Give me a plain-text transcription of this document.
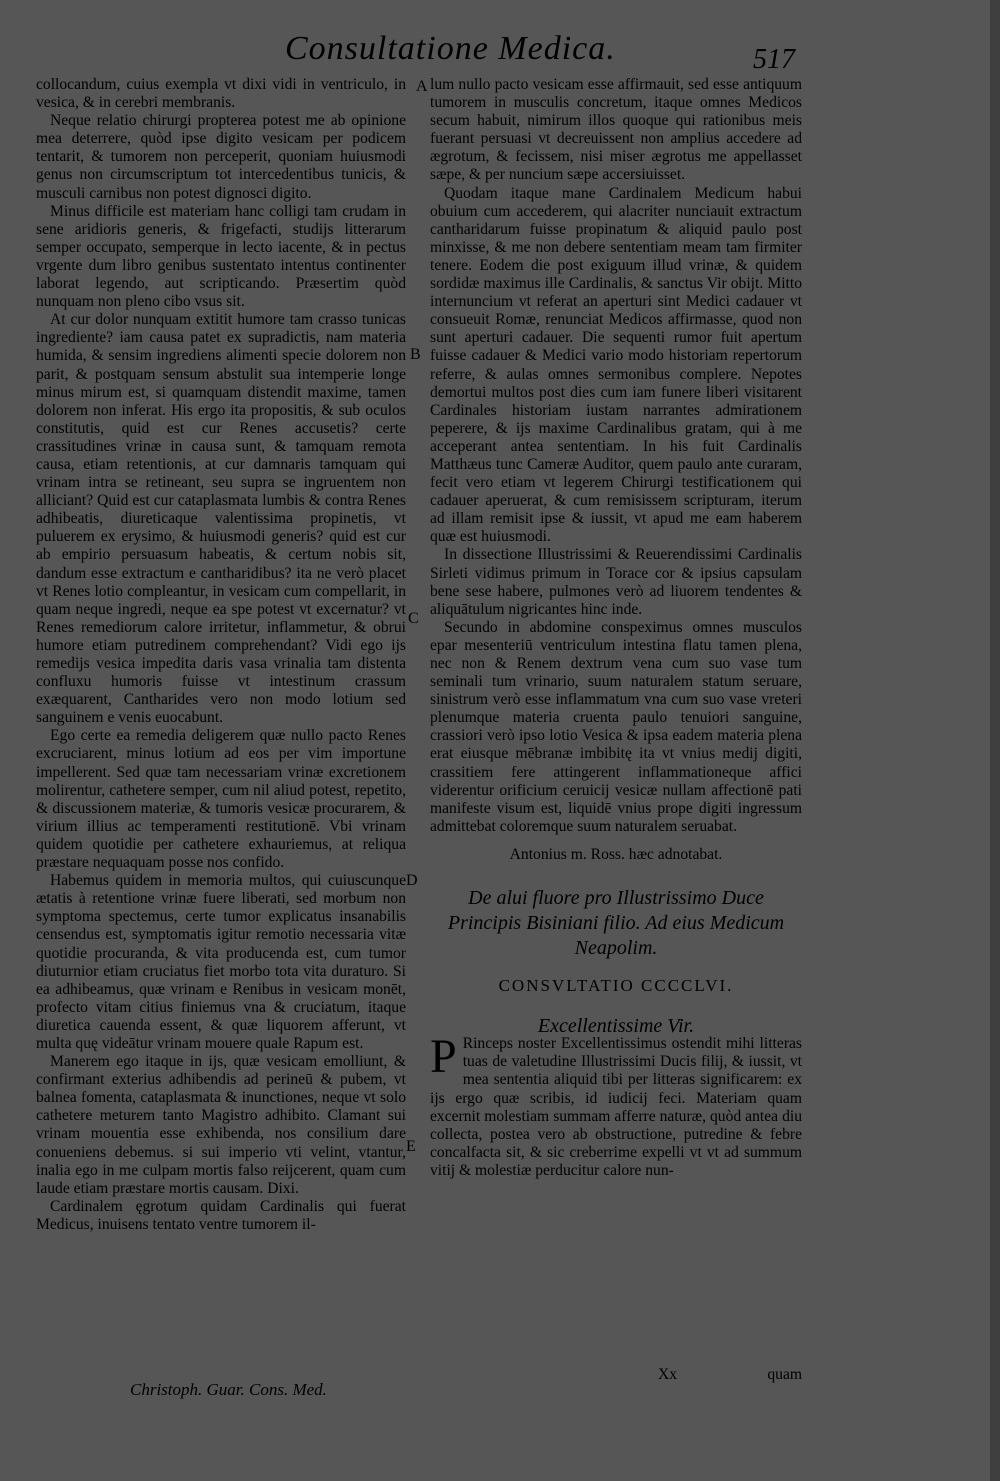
Consultatione Medica.	517

collocandum, cuius exempla vt dixi vidi in ventriculo, in vesica, & in cerebri membranis.

Neque relatio chirurgi propterea potest me ab opinione mea deterrere, quòd ipse digito vesicam per podicem tentarit, & tumorem non perceperit, quoniam huiusmodi genus non circumscriptum tot intercedentibus tunicis, & musculi carnibus non potest dignosci digito.

Minus difficile est materiam hanc colligi tam crudam in sene aridioris generis, & frigefacti, studijs litterarum semper occupato, semperque in lecto iacente, & in pectus vrgente dum libro genibus sustentato intentus continenter laborat legendo, aut scripticando. Præsertim quòd nunquam non pleno cibo vsus sit.

At cur dolor nunquam extitit humore tam crasso tunicas ingrediente? iam causa patet ex supradictis, nam materia humida, & sensim ingrediens alimenti specie dolorem non parit, & postquam sensum abstulit sua intemperie longe minus mirum est, si quamquam distendit maxime, tamen dolorem non inferat. His ergo ita propositis, & sub oculos constitutis, quid est cur Renes accusetis? certe crassitudines vrinæ in causa sunt, & tamquam remota causa, etiam retentionis, at cur damnaris tamquam qui vrinam intra se retineant, seu supra se ingruentem non alliciant? Quid est cur cataplasmata lumbis & contra Renes adhibeatis, diureticaque valentissima propinetis, vt puluerem ex erysimo, & huiusmodi generis? quid est cur ab empirio persuasum habeatis, & certum nobis sit, dandum esse extractum e cantharidibus? ita ne verò placet vt Renes lotio compleantur, in vesicam cum compellarit, in quam neque ingredi, neque ea spe potest vt excernatur? vt Renes remediorum calore irritetur, inflammetur, & obrui humore etiam putredinem comprehendant? Vidi ego ijs remedijs vesica impedita daris vasa vrinalia tam distenta confluxu humoris fuisse vt intestinum crassum exæquarent, Cantharides vero non modo lotium sed sanguinem e venis euocabunt.

Ego certe ea remedia deligerem quæ nullo pacto Renes excruciarent, minus lotium ad eos per vim importune impellerent. Sed quæ tam necessariam vrinæ excretionem molirentur, cathetere semper, cum nil aliud potest, repetito, & discussionem materiæ, & tumoris vesicæ procurarem, & virium illius ac temperamenti restitutionē. Vbi vrinam quidem quotidie per cathetere exhauriemus, at reliqua præstare nequaquam posse nos confido.

Habemus quidem in memoria multos, qui cuiuscunque ætatis à retentione vrinæ fuere liberati, sed morbum non symptoma spectemus, certe tumor explicatus insanabilis censendus est, symptomatis igitur remotio necessaria vitæ quotidie procuranda, & vita producenda est, cum tumor diuturnior etiam cruciatus fiet morbo tota vita duraturo. Si ea adhibeamus, quæ vrinam e Renibus in vesicam monēt, profecto vitam citius finiemus vna & cruciatum, itaque diuretica cauenda essent, & quæ liquorem afferunt, vt multa quę videātur vrinam mouere quale Rapum est.

Manerem ego itaque in ijs, quæ vesicam emolliunt, & confirmant exterius adhibendis ad perineū & pubem, vt balnea fomenta, cataplasmata & inunctiones, neque vt solo cathetere meturem tanto Magistro adhibito. Clamant sui vrinam mouentia esse exhibenda, nos consilium dare conueniens debemus. si sui imperio vti velint, vtantur, inalia ego in me culpam mortis falso reijcerent, quam cum laude etiam præstare mortis causam. Dixi.

Cardinalem ęgrotum quidam Cardinalis qui fuerat Medicus, inuisens tentato ventre tumorem il-

A
B
C
D
E

lum nullo pacto vesicam esse affirmauit, sed esse antiquum tumorem in musculis concretum, itaque omnes Medicos secum habuit, nimirum illos quoque qui rationibus meis fuerant persuasi vt decreuissent non amplius accedere ad ægrotum, & fecissem, nisi miser ægrotus me appellasset sæpe, & per nuncium sæpe accersiuisset.

Quodam itaque mane Cardinalem Medicum habui obuium cum accederem, qui alacriter nunciauit extractum cantharidarum fuisse propinatum & aliquid paulo post minxisse, & me non debere sententiam meam tam firmiter tenere. Eodem die post exiguum illud vrinæ, & quidem sordidæ maximus ille Cardinalis, & sanctus Vir obijt. Mitto internuncium vt referat an aperturi sint Medici cadauer vt consueuit Romæ, renunciat Medicos affirmasse, quod non sunt aperturi cadauer. Die sequenti rumor fuit apertum fuisse cadauer & Medici vario modo historiam repertorum referre, & aulas omnes sermonibus complere. Nepotes demortui multos post dies cum iam funere liberi visitarent Cardinales historiam iustam narrantes admirationem peperere, & ijs maxime Cardinalibus gratam, qui à me acceperant antea sententiam. In his fuit Cardinalis Matthæus tunc Cameræ Auditor, quem paulo ante curaram, fecit vero etiam vt legerem Chirurgi testificationem qui cadauer aperuerat, & cum remisissem scripturam, iterum ad illam remisit ipse & iussit, vt apud me eam haberem quæ est huiusmodi.

In dissectione Illustrissimi & Reuerendissimi Cardinalis Sirleti vidimus primum in Torace cor & ipsius capsulam bene sese habere, pulmones verò ad liuorem tendentes & aliquātulum nigricantes hinc inde.

Secundo in abdomine conspeximus omnes musculos epar mesenteriū ventriculum intestina flatu tamen plena, nec non & Renem dextrum vena cum suo vase tum seminali tum vrinario, suum naturalem statum seruare, sinistrum verò esse inflammatum vna cum suo vase vreteri plenumque materia cruenta paulo tenuiori sanguine, crassiori verò ipso lotio Vesica & ipsa eadem materia plena erat eiusque mēbranæ imbibitę ita vt vnius medij digiti, crassitiem fere attingerent inflammationeque affici viderentur orificium ceruicij vesicæ nullam affectionē pati manifeste visum est, liquidē vnius prope digiti ingressum admittebat coloremque suum naturalem seruabat.

Antonius m. Ross. hæc adnotabat.
De alui fluore pro Illustrissimo Duce Principis Bisiniani filio. Ad eius Medicum Neapolim.
CONSVLTATIO CCCCLVI.
Excellentissime Vir.

P Rinceps noster Excellentissimus ostendit mihi litteras tuas de valetudine Illustrissimi Ducis filij, & iussit, vt mea sententia aliquid tibi per litteras significarem: ex ijs ergo quæ scribis, id iudicij feci. Materiam quam excernit molestiam summam afferre naturæ, quòd antea diu collecta, postea vero ab obstructione, putredine & febre concalfacta sit, & sic creberrime expelli vt vt ad summum vitij & molestiæ perducitur calore nun-

Christoph. Guar. Cons. Med.
Xx	quam
